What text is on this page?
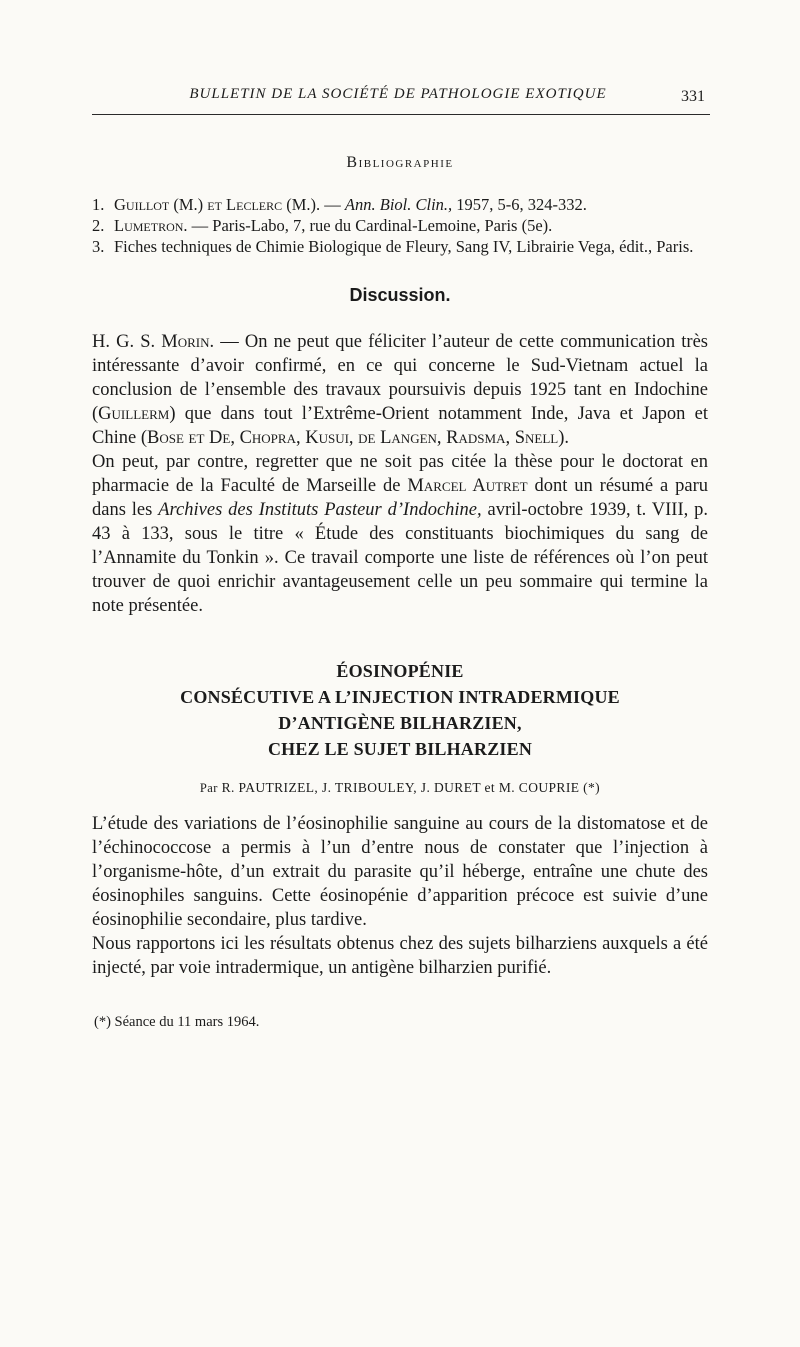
BULLETIN DE LA SOCIÉTÉ DE PATHOLOGIE EXOTIQUE	331
Bibliographie
1. Guillot (M.) et Leclerc (M.). — Ann. Biol. Clin., 1957, 5-6, 324-332.
2. Lumetron. — Paris-Labo, 7, rue du Cardinal-Lemoine, Paris (5e).
3. Fiches techniques de Chimie Biologique de Fleury, Sang IV, Librairie Vega, édit., Paris.
Discussion.

H. G. S. Morin. — On ne peut que féliciter l’auteur de cette communication très intéressante d’avoir confirmé, en ce qui concerne le Sud-Vietnam actuel la conclusion de l’ensemble des travaux poursuivis depuis 1925 tant en Indochine (Guillerm) que dans tout l’Extrême-Orient notamment Inde, Java et Japon et Chine (Bose et De, Chopra, Kusui, de Langen, Radsma, Snell).

On peut, par contre, regretter que ne soit pas citée la thèse pour le doctorat en pharmacie de la Faculté de Marseille de Marcel Autret dont un résumé a paru dans les Archives des Instituts Pasteur d’Indochine, avril-octobre 1939, t. VIII, p. 43 à 133, sous le titre « Étude des constituants biochimiques du sang de l’Annamite du Tonkin ». Ce travail comporte une liste de références où l’on peut trouver de quoi enrichir avantageusement celle un peu sommaire qui termine la note présentée.

ÉOSINOPÉNIE
CONSÉCUTIVE A L’INJECTION INTRADERMIQUE
D’ANTIGÈNE BILHARZIEN,
CHEZ LE SUJET BILHARZIEN
Par R. PAUTRIZEL, J. TRIBOULEY, J. DURET et M. COUPRIE (*)

L’étude des variations de l’éosinophilie sanguine au cours de la distomatose et de l’échinococcose a permis à l’un d’entre nous de constater que l’injection à l’organisme-hôte, d’un extrait du parasite qu’il héberge, entraîne une chute des éosinophiles sanguins. Cette éosinopénie d’apparition précoce est suivie d’une éosinophilie secondaire, plus tardive.

Nous rapportons ici les résultats obtenus chez des sujets bilharziens auxquels a été injecté, par voie intradermique, un antigène bilharzien purifié.

(*) Séance du 11 mars 1964.
